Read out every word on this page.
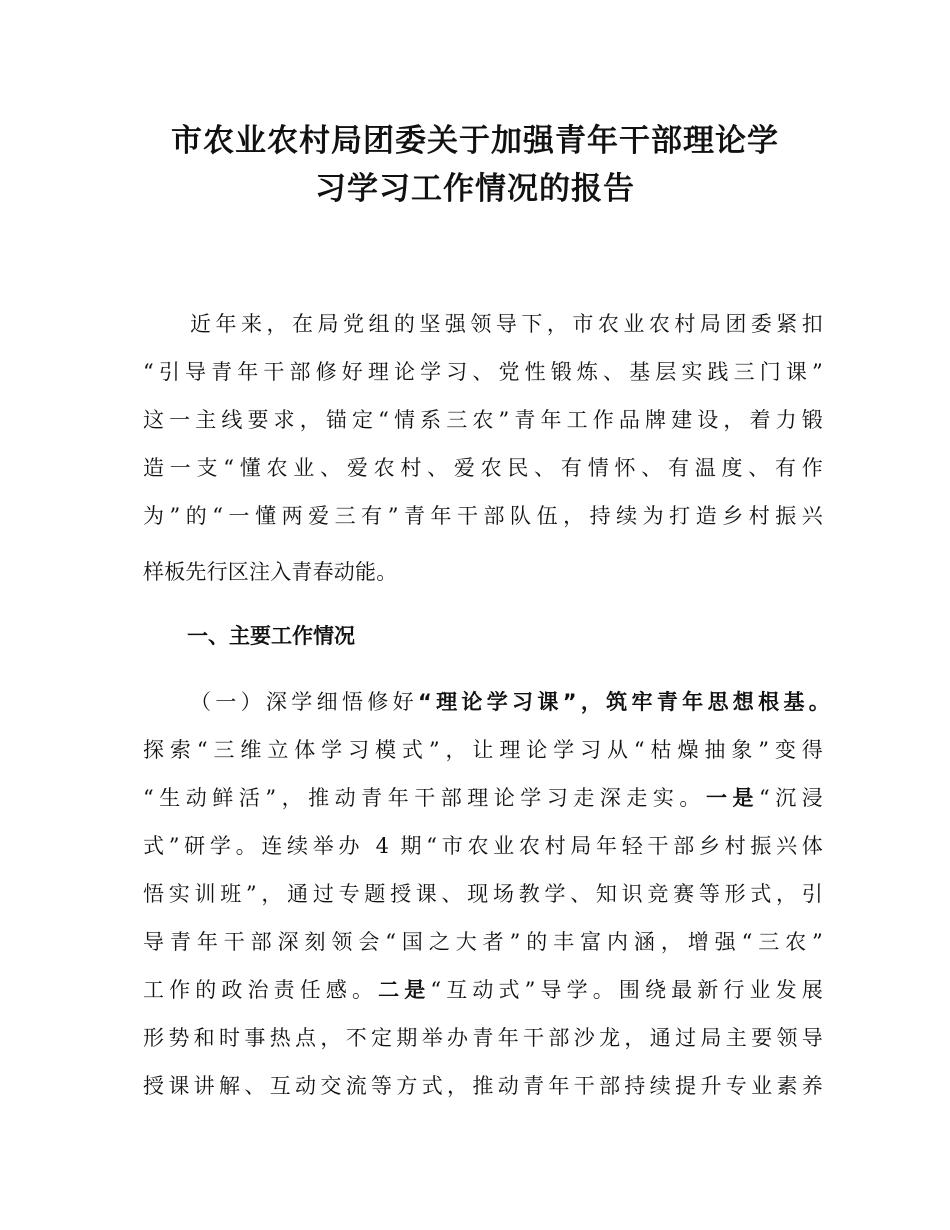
市农业农村局团委关于加强青年干部理论学
习学习工作情况的报告
近年来，在局党组的坚强领导下，市农业农村局团委紧扣
“引导青年干部修好理论学习、党性锻炼、基层实践三门课”
这一主线要求，锚定“情系三农”青年工作品牌建设，着力锻
造一支“懂农业、爱农村、爱农民、有情怀、有温度、有作
为”的“一懂两爱三有”青年干部队伍，持续为打造乡村振兴
样板先行区注入青春动能。
一、主要工作情况
（一）深学细悟修好“理论学习课”，筑牢青年思想根基。
探索“三维立体学习模式”，让理论学习从“枯燥抽象”变得
“生动鲜活”，推动青年干部理论学习走深走实。一是“沉浸
式”研学。连续举办 4 期“市农业农村局年轻干部乡村振兴体
悟实训班”，通过专题授课、现场教学、知识竞赛等形式，引
导青年干部深刻领会“国之大者”的丰富内涵，增强“三农”
工作的政治责任感。二是“互动式”导学。围绕最新行业发展
形势和时事热点，不定期举办青年干部沙龙，通过局主要领导
授课讲解、互动交流等方式，推动青年干部持续提升专业素养
